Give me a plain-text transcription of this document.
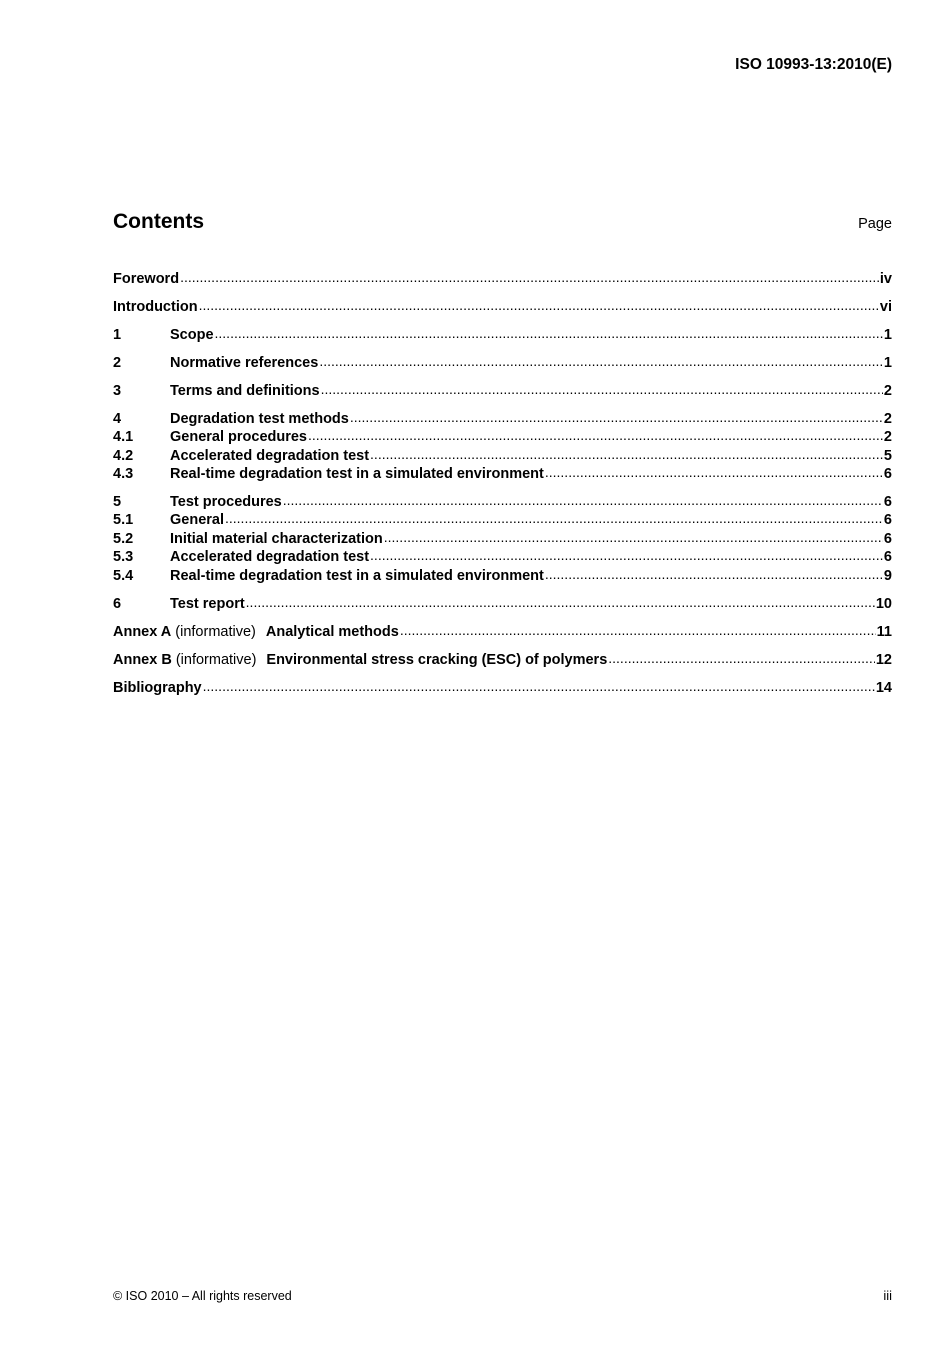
ISO 10993-13:2010(E)
Contents	Page
Foreword .....	iv
Introduction .....	vi
1	Scope .....	1
2	Normative references .....	1
3	Terms and definitions .....	2
4	Degradation test methods .....	2
4.1	General procedures .....	2
4.2	Accelerated degradation test .....	5
4.3	Real-time degradation test in a simulated environment .....	6
5	Test procedures .....	6
5.1	General .....	6
5.2	Initial material characterization .....	6
5.3	Accelerated degradation test .....	6
5.4	Real-time degradation test in a simulated environment .....	9
6	Test report .....	10
Annex A (informative) Analytical methods .....	11
Annex B (informative) Environmental stress cracking (ESC) of polymers .....	12
Bibliography .....	14
© ISO 2010 – All rights reserved	iii
